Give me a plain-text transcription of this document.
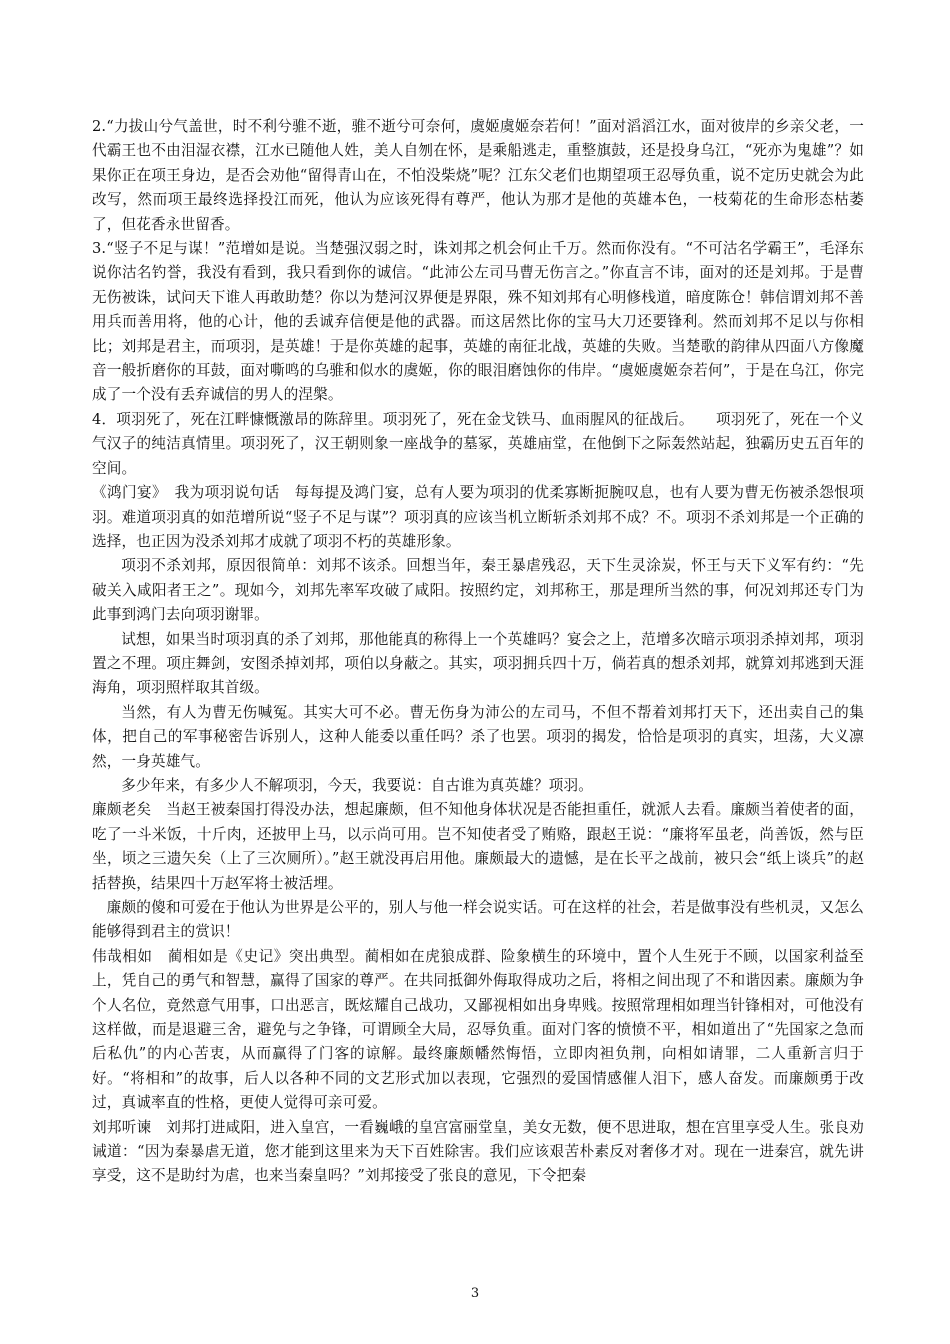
2.“力拔山兮气盖世，时不利兮骓不逝，骓不逝兮可奈何，虞姬虞姬奈若何！”面对滔滔江水，面对彼岸的乡亲父老，一代霸王也不由泪湿衣襟，江水已随他人姓，美人自刎在怀，是乘船逃走，重整旗鼓，还是投身乌江，“死亦为鬼雄”？如果你正在项王身边，是否会劝他“留得青山在，不怕没柴烧”呢？江东父老们也期望项王忍辱负重，说不定历史就会为此改写，然而项王最终选择投江而死，他认为应该死得有尊严，他认为那才是他的英雄本色，一枝菊花的生命形态枯萎了，但花香永世留香。

3.“竖子不足与谋！”范增如是说。当楚强汉弱之时，诛刘邦之机会何止千万。然而你没有。“不可沽名学霸王”，毛泽东说你沽名钓誉，我没有看到，我只看到你的诚信。“此沛公左司马曹无伤言之。”你直言不讳，面对的还是刘邦。于是曹无伤被诛，试问天下谁人再敢助楚？你以为楚河汉界便是界限，殊不知刘邦有心明修栈道，暗度陈仓！韩信谓刘邦不善用兵而善用将，他的心计，他的丢诚弃信便是他的武器。而这居然比你的宝马大刀还要锋利。然而刘邦不足以与你相比；刘邦是君主，而项羽，是英雄！于是你英雄的起事，英雄的南征北战，英雄的失败。当楚歌的韵律从四面八方像魔音一般折磨你的耳鼓，面对嘶鸣的乌骓和似水的虞姬，你的眼泪磨蚀你的伟岸。“虞姬虞姬奈若何”，于是在乌江，你完成了一个没有丢弃诚信的男人的涅槃。

4．项羽死了，死在江畔慷慨激昂的陈辞里。项羽死了，死在金戈铁马、血雨腥风的征战后。　　项羽死了，死在一个义气汉子的纯洁真情里。项羽死了，汉王朝则象一座战争的墓冢，英雄庙堂，在他倒下之际轰然站起，独霸历史五百年的空间。

《鸿门宴》　我为项羽说句话　每每提及鸿门宴，总有人要为项羽的优柔寡断扼腕叹息，也有人要为曹无伤被杀怨恨项羽。难道项羽真的如范增所说“竖子不足与谋”？项羽真的应该当机立断斩杀刘邦不成？不。项羽不杀刘邦是一个正确的选择，也正因为没杀刘邦才成就了项羽不朽的英雄形象。

项羽不杀刘邦，原因很简单：刘邦不该杀。回想当年，秦王暴虐残忍，天下生灵涂炭，怀王与天下义军有约：“先破关入咸阳者王之”。现如今，刘邦先率军攻破了咸阳。按照约定，刘邦称王，那是理所当然的事，何况刘邦还专门为此事到鸿门去向项羽谢罪。

试想，如果当时项羽真的杀了刘邦，那他能真的称得上一个英雄吗？宴会之上，范增多次暗示项羽杀掉刘邦，项羽置之不理。项庄舞剑，安图杀掉刘邦，项伯以身蔽之。其实，项羽拥兵四十万，倘若真的想杀刘邦，就算刘邦逃到天涯海角，项羽照样取其首级。

当然，有人为曹无伤喊冤。其实大可不必。曹无伤身为沛公的左司马，不但不帮着刘邦打天下，还出卖自己的集体，把自己的军事秘密告诉别人，这种人能委以重任吗？杀了也罢。项羽的揭发，恰恰是项羽的真实，坦荡，大义凛然，一身英雄气。

多少年来，有多少人不解项羽，今天，我要说：自古谁为真英雄？项羽。

廉颇老矣　当赵王被秦国打得没办法，想起廉颇，但不知他身体状况是否能担重任，就派人去看。廉颇当着使者的面，吃了一斗米饭，十斤肉，还披甲上马，以示尚可用。岂不知使者受了贿赂，跟赵王说：“廉将军虽老，尚善饭，然与臣坐，顷之三遗矢矣（上了三次厕所）。”赵王就没再启用他。廉颇最大的遗憾，是在长平之战前，被只会“纸上谈兵”的赵括替换，结果四十万赵军将士被活埋。

廉颇的傻和可爱在于他认为世界是公平的，别人与他一样会说实话。可在这样的社会，若是做事没有些机灵，又怎么能够得到君主的赏识！

伟哉相如　蔺相如是《史记》突出典型。蔺相如在虎狼成群、险象横生的环境中，置个人生死于不顾，以国家利益至上，凭自己的勇气和智慧，赢得了国家的尊严。在共同抵御外侮取得成功之后，将相之间出现了不和谐因素。廉颇为争个人名位，竟然意气用事，口出恶言，既炫耀自己战功，又鄙视相如出身卑贱。按照常理相如理当针锋相对，可他没有这样做，而是退避三舍，避免与之争锋，可谓顾全大局，忍辱负重。面对门客的愤愤不平，相如道出了“先国家之急而后私仇”的内心苦衷，从而赢得了门客的谅解。最终廉颇幡然悔悟，立即肉袒负荆，向相如请罪，二人重新言归于好。“将相和”的故事，后人以各种不同的文艺形式加以表现，它强烈的爱国情感催人泪下，感人奋发。而廉颇勇于改过，真诚率直的性格，更使人觉得可亲可爱。

刘邦听谏　刘邦打进咸阳，进入皇宫，一看巍峨的皇宫富丽堂皇，美女无数，便不思进取，想在宫里享受人生。张良劝诫道：“因为秦暴虐无道，您才能到这里来为天下百姓除害。我们应该艰苦朴素反对奢侈才对。现在一进秦宫，就先讲享受，这不是助纣为虐，也来当秦皇吗？”刘邦接受了张良的意见，下令把秦

3
